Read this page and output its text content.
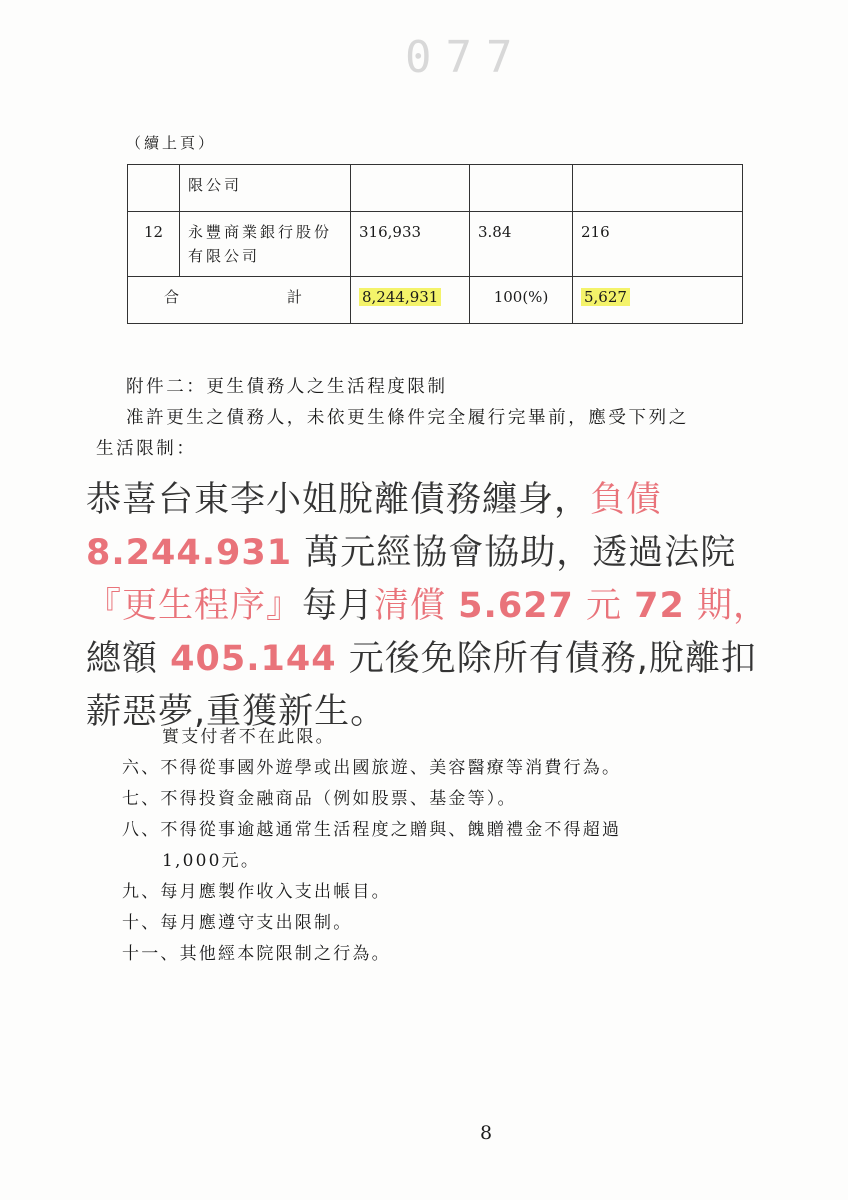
077
（續上頁）
	限公司			
12	永豐商業銀行股份有限公司	316,933	3.84	216

合 計		8,244,931	100(%)	5,627
附件二：更生債務人之生活程度限制
准許更生之債務人，未依更生條件完全履行完畢前，應受下列之
生活限制：
恭喜台東李小姐脫離債務纏身，負債 8.244.931 萬元經協會協助，透過法院『更生程序』每月清償 5.627 元 72 期，總額 405.144 元後免除所有債務,脫離扣薪惡夢,重獲新生。
實支付者不在此限。
六、不得從事國外遊學或出國旅遊、美容醫療等消費行為。
七、不得投資金融商品（例如股票、基金等）。
八、不得從事逾越通常生活程度之贈與、餽贈禮金不得超過
1,000元。
九、每月應製作收入支出帳目。
十、每月應遵守支出限制。
十一、其他經本院限制之行為。
8
